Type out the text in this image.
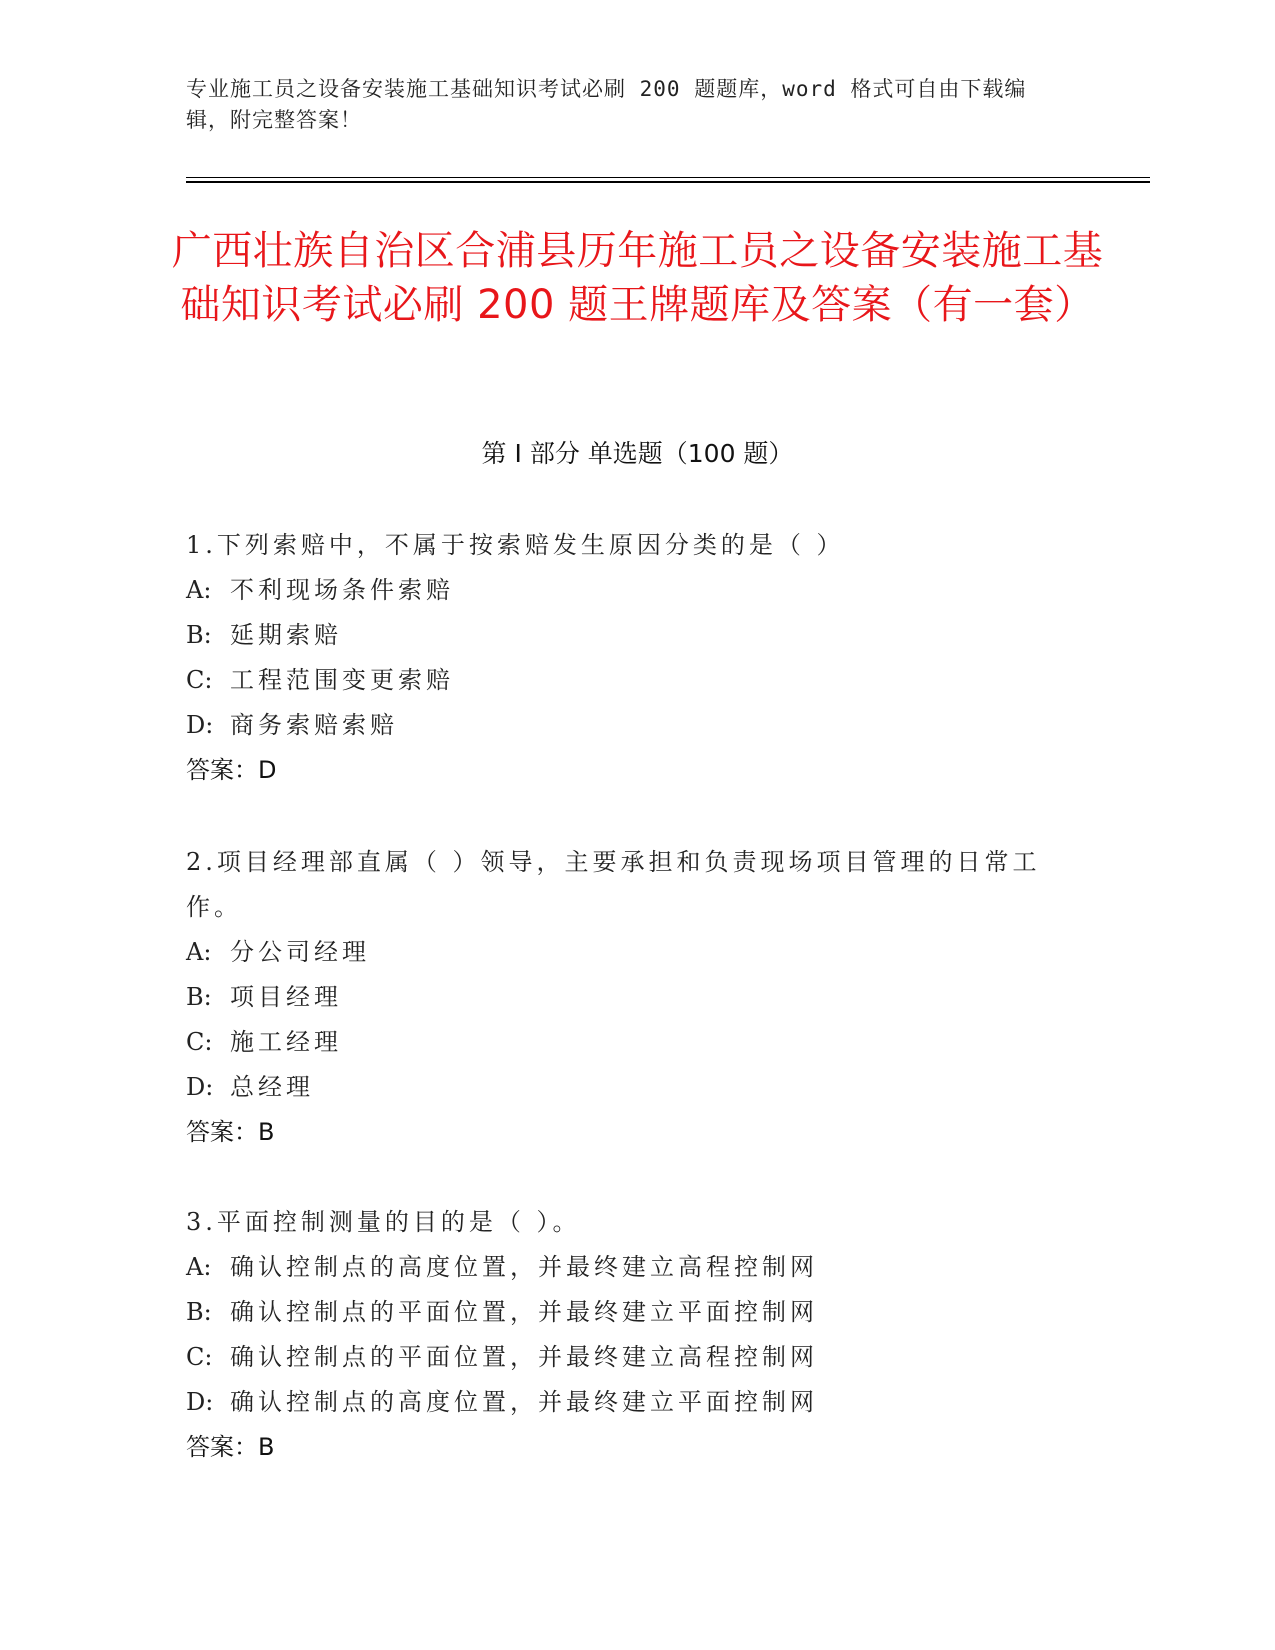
专业施工员之设备安装施工基础知识考试必刷 200 题题库，word 格式可自由下载编辑，附完整答案！
广西壮族自治区合浦县历年施工员之设备安装施工基础知识考试必刷 200 题王牌题库及答案（有一套）
第 I 部分 单选题（100 题）
1.下列索赔中，不属于按索赔发生原因分类的是（ ）
A: 不利现场条件索赔
B: 延期索赔
C: 工程范围变更索赔
D: 商务索赔索赔
答案：D
2.项目经理部直属（ ）领导，主要承担和负责现场项目管理的日常工作。
A: 分公司经理
B: 项目经理
C: 施工经理
D: 总经理
答案：B
3.平面控制测量的目的是（ ）。
A: 确认控制点的高度位置，并最终建立高程控制网
B: 确认控制点的平面位置，并最终建立平面控制网
C: 确认控制点的平面位置，并最终建立高程控制网
D: 确认控制点的高度位置，并最终建立平面控制网
答案：B
